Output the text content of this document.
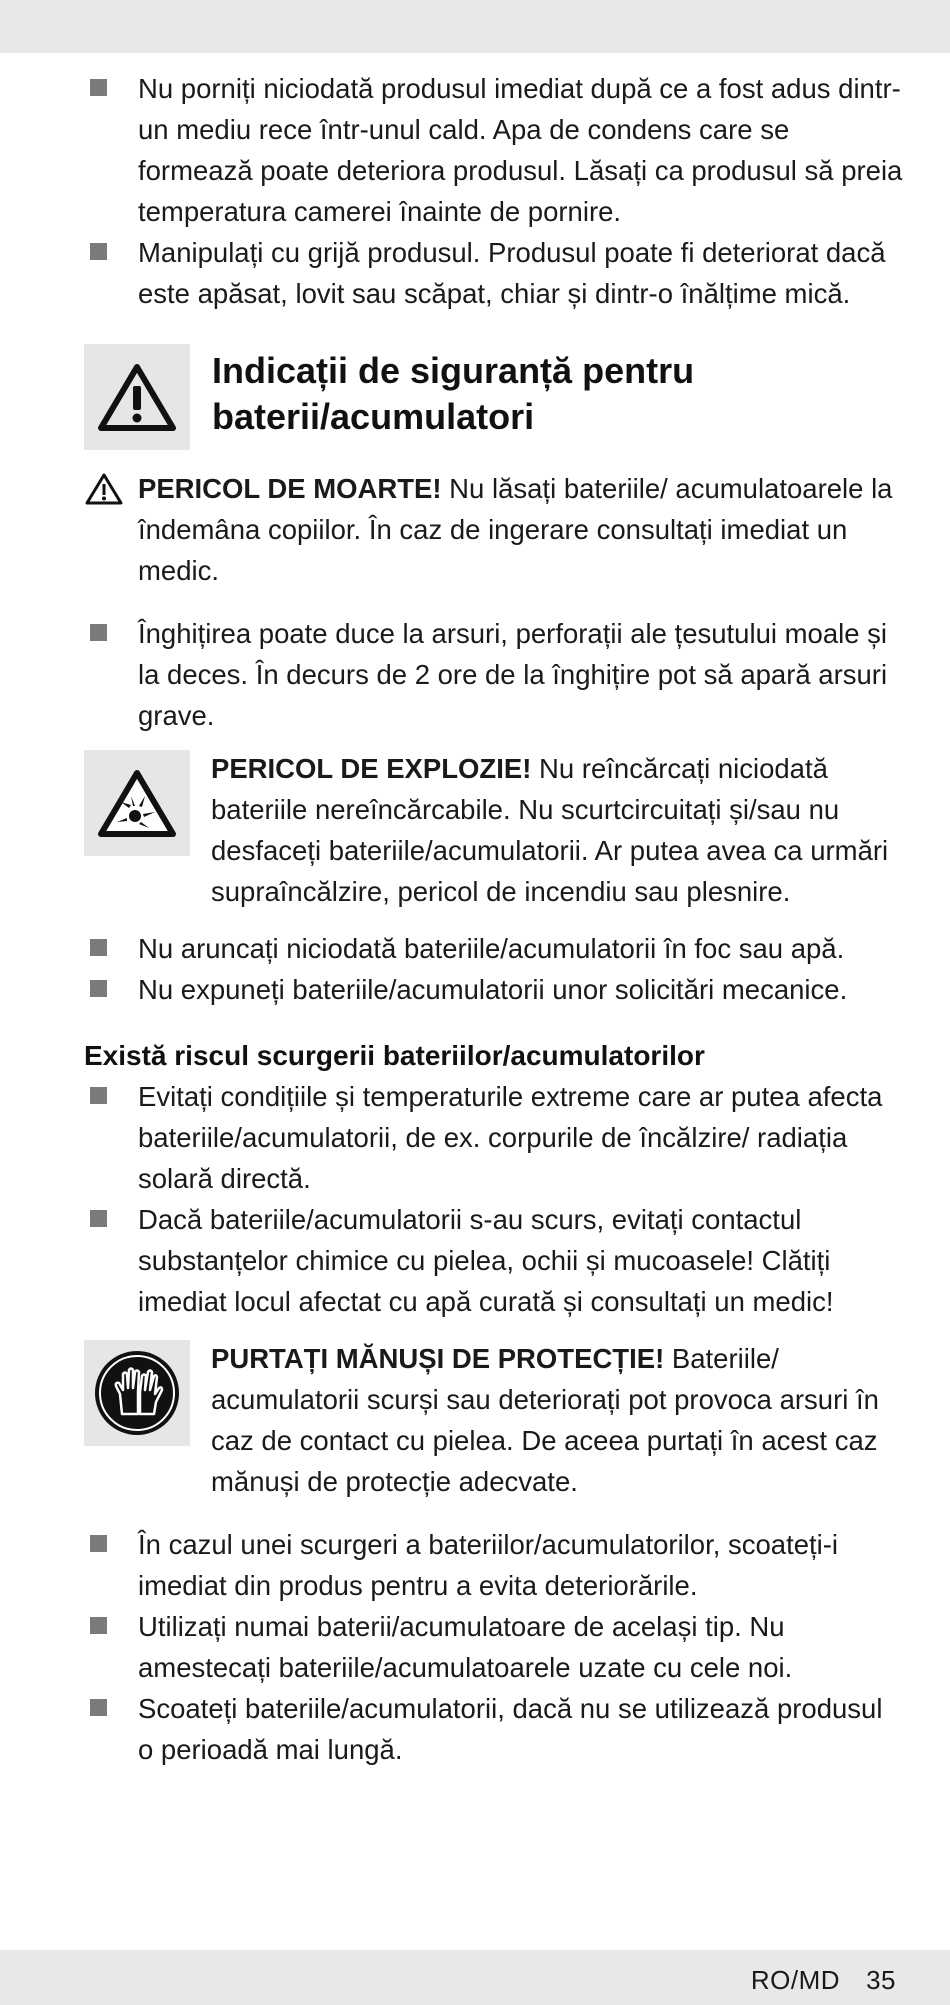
Nu porniți niciodată produsul imediat după ce a fost adus dintr-un mediu rece într-unul cald. Apa de condens care se formează poate deteriora produsul. Lăsați ca produsul să preia temperatura camerei înainte de pornire.
Manipulați cu grijă produsul. Produsul poate fi deteriorat dacă este apăsat, lovit sau scăpat, chiar și dintr-o înălțime mică.
Indicații de siguranță pentru
baterii/acumulatori
PERICOL DE MOARTE! Nu lăsați bateriile/ acumulatoarele la îndemâna copiilor. În caz de ingerare consultați imediat un medic.
Înghițirea poate duce la arsuri, perforații ale țesutului moale și la deces. În decurs de 2 ore de la înghițire pot să apară arsuri grave.
PERICOL DE EXPLOZIE! Nu reîncărcați niciodată bateriile nereîncărcabile. Nu scurtcircuitați și/sau nu desfaceți bateriile/acumulatorii. Ar putea avea ca urmări supraîncălzire, pericol de incendiu sau plesnire.
Nu aruncați niciodată bateriile/acumulatorii în foc sau apă.
Nu expuneți bateriile/acumulatorii unor solicitări mecanice.
Există riscul scurgerii bateriilor/acumulatorilor
Evitați condițiile și temperaturile extreme care ar putea afecta bateriile/acumulatorii, de ex. corpurile de încălzire/ radiația solară directă.
Dacă bateriile/acumulatorii s-au scurs, evitați contactul substanțelor chimice cu pielea, ochii și mucoasele! Clătiți imediat locul afectat cu apă curată și consultați un medic!
PURTAȚI MĂNUȘI DE PROTECȚIE! Bateriile/ acumulatorii scurși sau deteriorați pot provoca arsuri în caz de contact cu pielea. De aceea purtați în acest caz mănuși de protecție adecvate.
În cazul unei scurgeri a bateriilor/acumulatorilor, scoateți-i imediat din produs pentru a evita deteriorările.
Utilizați numai baterii/acumulatoare de același tip. Nu amestecați bateriile/acumulatoarele uzate cu cele noi.
Scoateți bateriile/acumulatorii, dacă nu se utilizează produsul o perioadă mai lungă.
RO/MD 35
